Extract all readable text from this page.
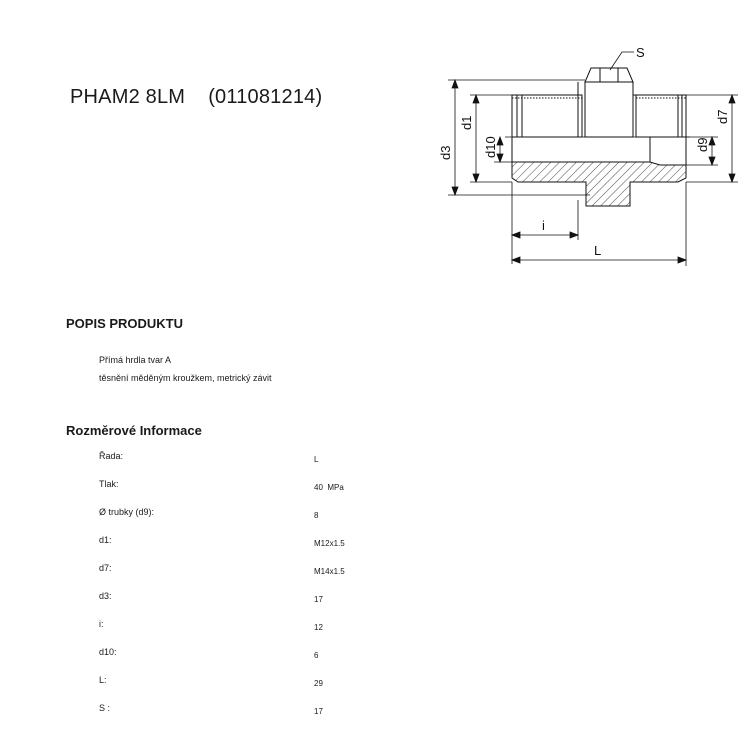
PHAM2 8LM    (011081214)
S
d3
d1
d10	d9
d7
i
L
POPIS PRODUKTU
Přímá hrdla tvar A
těsnění měděným kroužkem, metrický závit
Rozměrové Informace
Řada:	L
Tlak:	40  MPa
Ø trubky (d9):	8
d1:	M12x1.5
d7:	M14x1.5
d3:	17
i:	12
d10:	6
L:	29
S :	17
